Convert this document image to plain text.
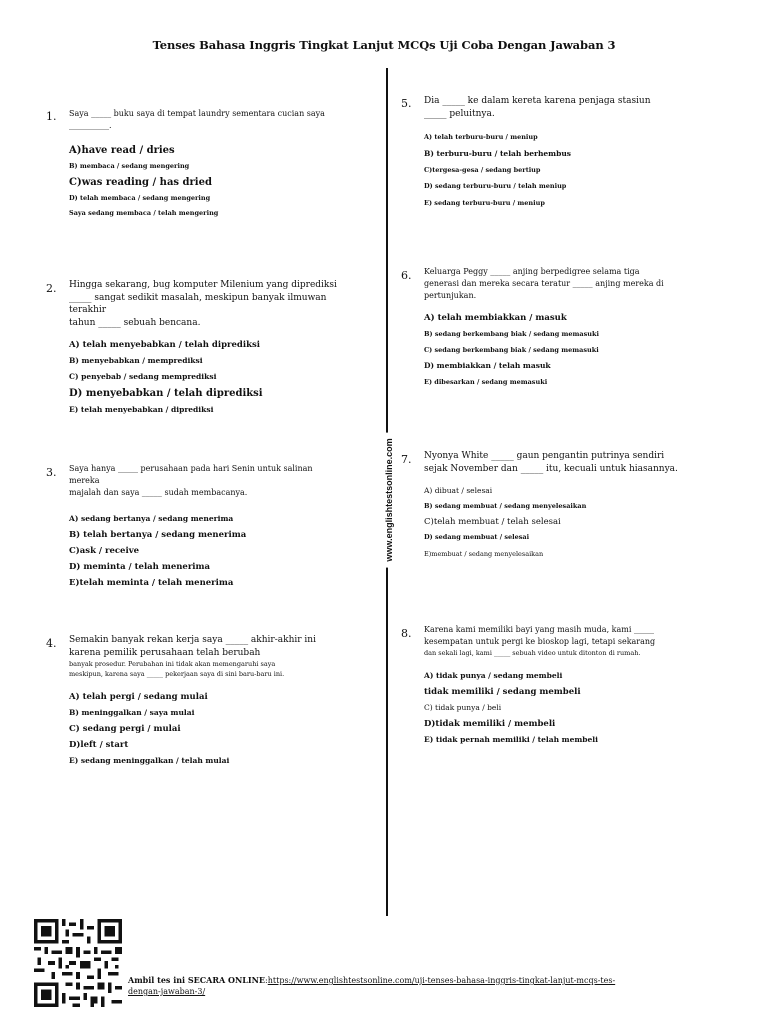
Tenses Bahasa Inggris Tingkat Lanjut MCQs Uji Coba Dengan Jawaban 3
www.englishtestsonline.com
1. Saya _____ buku saya di tempat laundry sementara cucian saya
__________.
A)have read / dries
B) membaca / sedang mengering
C)was reading / has dried
D) telah membaca / sedang mengering
Saya sedang membaca / telah mengering
2. Hingga sekarang, bug komputer Milenium yang diprediksi
_____ sangat sedikit masalah, meskipun banyak ilmuwan terakhir
tahun _____ sebuah bencana.
A) telah menyebabkan / telah diprediksi
B) menyebabkan / memprediksi
C) penyebab / sedang memprediksi
D) menyebabkan / telah diprediksi
E) telah menyebabkan / diprediksi
3. Saya hanya _____ perusahaan pada hari Senin untuk salinan mereka
majalah dan saya _____ sudah membacanya.
A) sedang bertanya / sedang menerima
B) telah bertanya / sedang menerima
C)ask / receive
D) meminta / telah menerima
E)telah meminta / telah menerima
4. Semakin banyak rekan kerja saya _____ akhir-akhir ini
karena pemilik perusahaan telah berubah
banyak prosedur. Perubahan ini tidak akan memengaruhi saya
meskipun, karena saya _____ pekerjaan saya di sini baru-baru ini.
A) telah pergi / sedang mulai
B) meninggalkan / saya mulai
C) sedang pergi / mulai
D)left / start
E) sedang meninggalkan / telah mulai
5. Dia _____ ke dalam kereta karena penjaga stasiun
_____ peluitnya.
A) telah terburu-buru / meniup
B) terburu-buru / telah berhembus
C)tergesa-gesa / sedang bertiup
D) sedang terburu-buru / telah meniup
E) sedang terburu-buru / meniup
6. Keluarga Peggy _____ anjing berpedigree selama tiga
generasi dan mereka secara teratur _____ anjing mereka di
pertunjukan.
A) telah membiakkan / masuk
B) sedang berkembang biak / sedang memasuki
C) sedang berkembang biak / sedang memasuki
D) membiakkan / telah masuk
E) dibesarkan / sedang memasuki
7. Nyonya White _____ gaun pengantin putrinya sendiri
sejak November dan _____ itu, kecuali untuk hiasannya.
A) dibuat / selesai
B) sedang membuat / sedang menyelesaikan
C)telah membuat / telah selesai
D) sedang membuat / selesai
E)membuat / sedang menyelesaikan
8. Karena kami memiliki bayi yang masih muda, kami _____
kesempatan untuk pergi ke bioskop lagi, tetapi sekarang
dan sekali lagi, kami _____ sebuah video untuk ditonton di rumah.
A) tidak punya / sedang membeli
tidak memiliki / sedang membeli
C) tidak punya / beli
D)tidak memiliki / membeli
E) tidak pernah memiliki / telah membeli
Ambil tes ini SECARA ONLINE:https://www.englishtestsonline.com/uji-tenses-bahasa-inggris-tingkat-lanjut-mcqs-tes-
dengan-jawaban-3/
